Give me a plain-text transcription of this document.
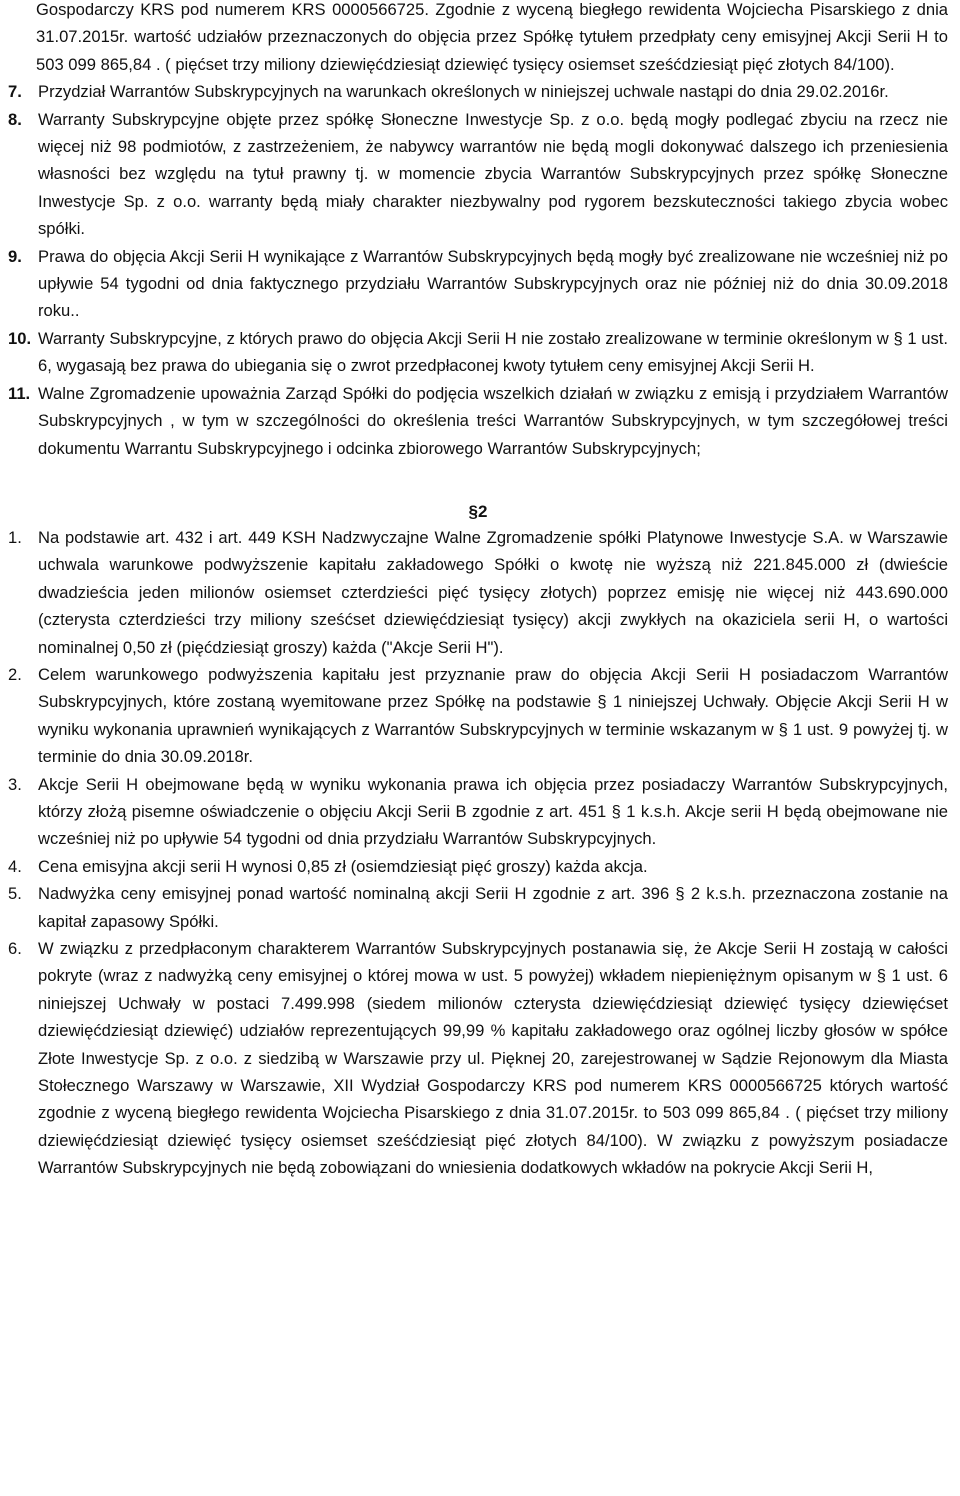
Gospodarczy KRS pod numerem KRS 0000566725. Zgodnie z wyceną biegłego rewidenta Wojciecha Pisarskiego z dnia 31.07.2015r. wartość udziałów przeznaczonych do objęcia przez Spółkę tytułem przedpłaty ceny emisyjnej Akcji Serii H to 503 099 865,84 . ( pięćset trzy miliony dziewięćdziesiąt dziewięć tysięcy osiemset sześćdziesiąt pięć złotych 84/100).

7. Przydział Warrantów Subskrypcyjnych na warunkach określonych w niniejszej uchwale nastąpi do dnia 29.02.2016r.
8. Warranty Subskrypcyjne objęte przez spółkę Słoneczne Inwestycje Sp. z o.o. będą mogły podlegać zbyciu na rzecz nie więcej niż 98 podmiotów, z zastrzeżeniem, że nabywcy warrantów nie będą mogli dokonywać dalszego ich przeniesienia własności bez względu na tytuł prawny tj. w momencie zbycia Warrantów Subskrypcyjnych przez spółkę Słoneczne Inwestycje Sp. z o.o. warranty będą miały charakter niezbywalny pod rygorem bezskuteczności takiego zbycia wobec spółki.
9. Prawa do objęcia Akcji Serii H wynikające z Warrantów Subskrypcyjnych będą mogły być zrealizowane nie wcześniej niż po upływie 54 tygodni od dnia faktycznego przydziału Warrantów Subskrypcyjnych oraz nie później niż do dnia 30.09.2018 roku..
10. Warranty Subskrypcyjne, z których prawo do objęcia Akcji Serii H nie zostało zrealizowane w terminie określonym w § 1 ust. 6, wygasają bez prawa do ubiegania się o zwrot przedpłaconej kwoty tytułem ceny emisyjnej Akcji Serii H.
11. Walne Zgromadzenie upoważnia Zarząd Spółki do podjęcia wszelkich działań w związku z emisją i przydziałem Warrantów Subskrypcyjnych , w tym w szczególności do określenia treści Warrantów Subskrypcyjnych, w tym szczegółowej treści dokumentu Warrantu Subskrypcyjnego i odcinka zbiorowego Warrantów Subskrypcyjnych;
§2
1. Na podstawie art. 432 i art. 449 KSH Nadzwyczajne Walne Zgromadzenie spółki Platynowe Inwestycje S.A. w Warszawie uchwala warunkowe podwyższenie kapitału zakładowego Spółki o kwotę nie wyższą niż 221.845.000 zł (dwieście dwadzieścia jeden milionów osiemset czterdzieści pięć tysięcy złotych) poprzez emisję nie więcej niż 443.690.000 (czterysta czterdzieści trzy miliony sześćset dziewięćdziesiąt tysięcy) akcji zwykłych na okaziciela serii H, o wartości nominalnej 0,50 zł (pięćdziesiąt groszy) każda ("Akcje Serii H").
2. Celem warunkowego podwyższenia kapitału jest przyznanie praw do objęcia Akcji Serii H posiadaczom Warrantów Subskrypcyjnych, które zostaną wyemitowane przez Spółkę na podstawie § 1 niniejszej Uchwały. Objęcie Akcji Serii H w wyniku wykonania uprawnień wynikających z Warrantów Subskrypcyjnych w terminie wskazanym w § 1 ust. 9 powyżej tj. w terminie do dnia 30.09.2018r.
3. Akcje Serii H obejmowane będą w wyniku wykonania prawa ich objęcia przez posiadaczy Warrantów Subskrypcyjnych, którzy złożą pisemne oświadczenie o objęciu Akcji Serii B zgodnie z art. 451 § 1 k.s.h. Akcje serii H będą obejmowane nie wcześniej niż po upływie 54 tygodni od dnia przydziału Warrantów Subskrypcyjnych.
4. Cena emisyjna akcji serii H wynosi 0,85 zł (osiemdziesiąt pięć groszy) każda akcja.
5. Nadwyżka ceny emisyjnej ponad wartość nominalną akcji Serii H zgodnie z art. 396 § 2 k.s.h. przeznaczona zostanie na kapitał zapasowy Spółki.
6. W związku z przedpłaconym charakterem Warrantów Subskrypcyjnych postanawia się, że Akcje Serii H zostają w całości pokryte (wraz z nadwyżką ceny emisyjnej o której mowa w ust. 5 powyżej) wkładem niepieniężnym opisanym w § 1 ust. 6 niniejszej Uchwały w postaci 7.499.998 (siedem milionów czterysta dziewięćdziesiąt dziewięć tysięcy dziewięćset dziewięćdziesiąt dziewięć) udziałów reprezentujących 99,99 % kapitału zakładowego oraz ogólnej liczby głosów w spółce Złote Inwestycje Sp. z o.o. z siedzibą w Warszawie przy ul. Pięknej 20, zarejestrowanej w Sądzie Rejonowym dla Miasta Stołecznego Warszawy w Warszawie, XII Wydział Gospodarczy KRS pod numerem KRS 0000566725 których wartość zgodnie z wyceną biegłego rewidenta Wojciecha Pisarskiego z dnia 31.07.2015r. to 503 099 865,84 . ( pięćset trzy miliony dziewięćdziesiąt dziewięć tysięcy osiemset sześćdziesiąt pięć złotych 84/100). W związku z powyższym posiadacze Warrantów Subskrypcyjnych nie będą zobowiązani do wniesienia dodatkowych wkładów na pokrycie Akcji Serii H,
